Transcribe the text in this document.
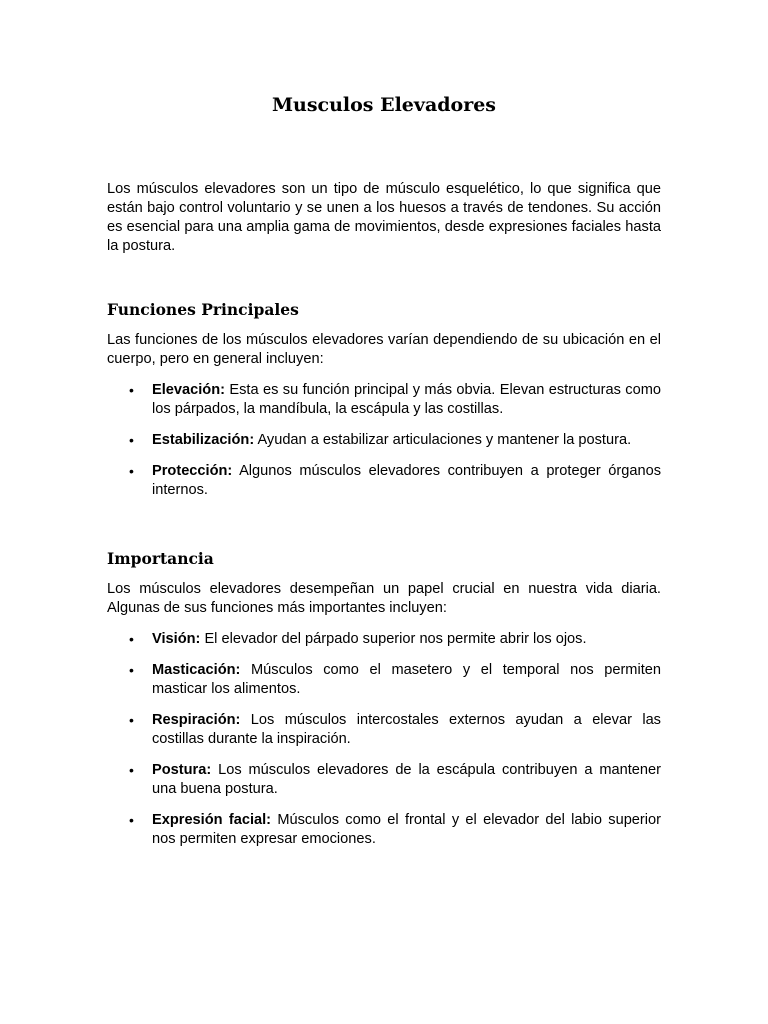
Musculos Elevadores

Los músculos elevadores son un tipo de músculo esquelético, lo que significa que están bajo control voluntario y se unen a los huesos a través de tendones. Su acción es esencial para una amplia gama de movimientos, desde expresiones faciales hasta la postura.

Funciones Principales

Las funciones de los músculos elevadores varían dependiendo de su ubicación en el cuerpo, pero en general incluyen:

• Elevación: Esta es su función principal y más obvia. Elevan estructuras como los párpados, la mandíbula, la escápula y las costillas.
• Estabilización: Ayudan a estabilizar articulaciones y mantener la postura.
• Protección: Algunos músculos elevadores contribuyen a proteger órganos internos.
Importancia

Los músculos elevadores desempeñan un papel crucial en nuestra vida diaria. Algunas de sus funciones más importantes incluyen:

• Visión: El elevador del párpado superior nos permite abrir los ojos.
• Masticación: Músculos como el masetero y el temporal nos permiten masticar los alimentos.
• Respiración: Los músculos intercostales externos ayudan a elevar las costillas durante la inspiración.
• Postura: Los músculos elevadores de la escápula contribuyen a mantener una buena postura.
• Expresión facial: Músculos como el frontal y el elevador del labio superior nos permiten expresar emociones.
